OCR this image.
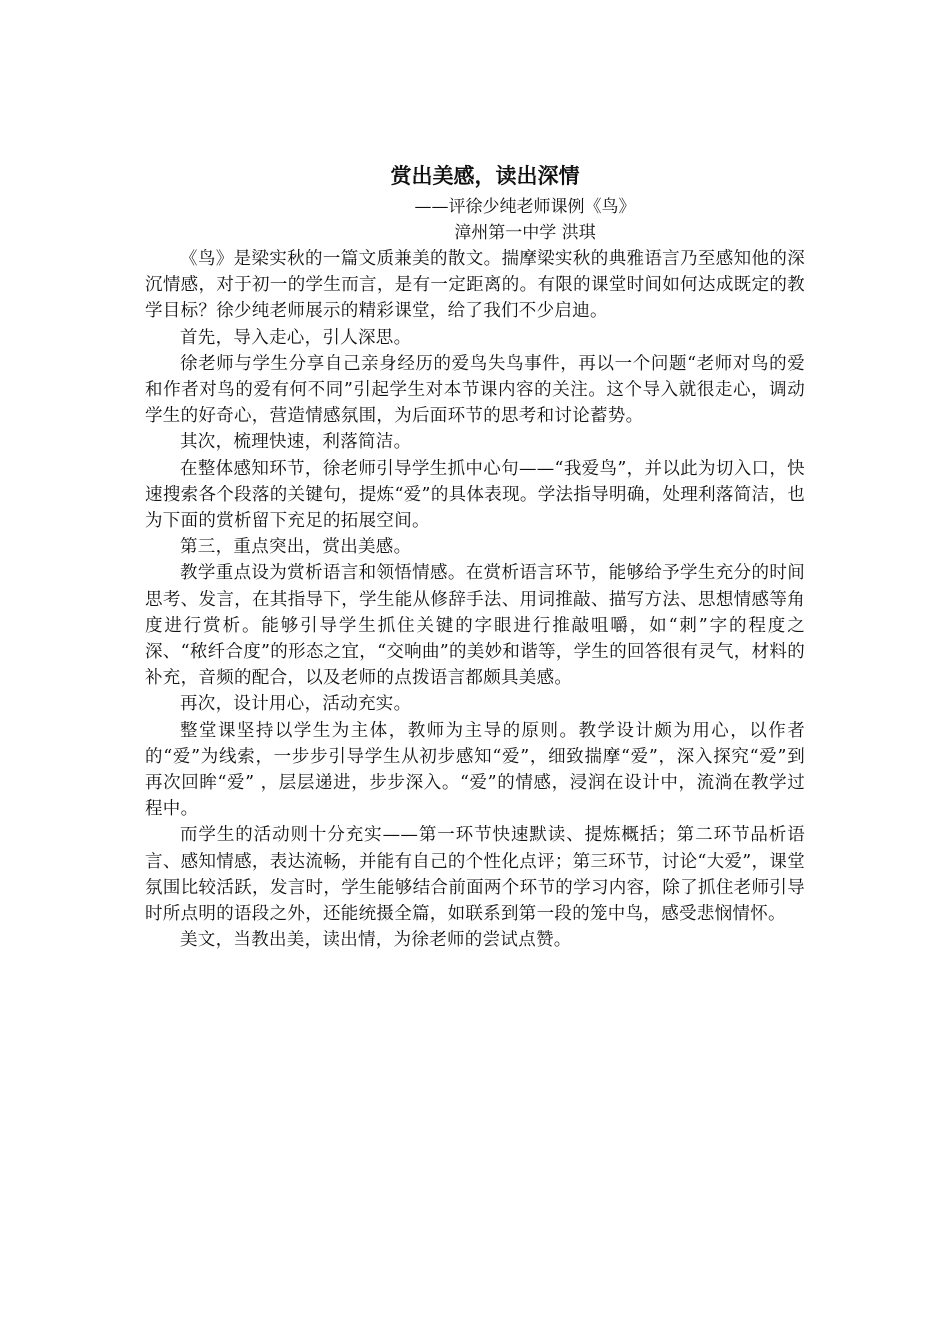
赏出美感，读出深情

——评徐少纯老师课例《鸟》

漳州第一中学 洪琪

《鸟》是梁实秋的一篇文质兼美的散文。揣摩梁实秋的典雅语言乃至感知他的深沉情感，对于初一的学生而言，是有一定距离的。有限的课堂时间如何达成既定的教学目标？徐少纯老师展示的精彩课堂，给了我们不少启迪。

首先，导入走心，引人深思。

徐老师与学生分享自己亲身经历的爱鸟失鸟事件，再以一个问题“老师对鸟的爱和作者对鸟的爱有何不同”引起学生对本节课内容的关注。这个导入就很走心，调动学生的好奇心，营造情感氛围，为后面环节的思考和讨论蓄势。

其次，梳理快速，利落简洁。

在整体感知环节，徐老师引导学生抓中心句——“我爱鸟”，并以此为切入口，快速搜索各个段落的关键句，提炼“爱”的具体表现。学法指导明确，处理利落简洁，也为下面的赏析留下充足的拓展空间。

第三，重点突出，赏出美感。

教学重点设为赏析语言和领悟情感。在赏析语言环节，能够给予学生充分的时间思考、发言，在其指导下，学生能从修辞手法、用词推敲、描写方法、思想情感等角度进行赏析。能够引导学生抓住关键的字眼进行推敲咀嚼，如“刺”字的程度之深、“秾纤合度”的形态之宜，“交响曲”的美妙和谐等，学生的回答很有灵气，材料的补充，音频的配合，以及老师的点拨语言都颇具美感。

再次，设计用心，活动充实。

整堂课坚持以学生为主体，教师为主导的原则。教学设计颇为用心，以作者的“爱”为线索，一步步引导学生从初步感知“爱”，细致揣摩“爱”，深入探究“爱”到再次回眸“爱” ，层层递进，步步深入。“爱”的情感，浸润在设计中，流淌在教学过程中。

而学生的活动则十分充实——第一环节快速默读、提炼概括；第二环节品析语言、感知情感，表达流畅，并能有自己的个性化点评；第三环节，讨论“大爱”，课堂氛围比较活跃，发言时，学生能够结合前面两个环节的学习内容，除了抓住老师引导时所点明的语段之外，还能统摄全篇，如联系到第一段的笼中鸟，感受悲悯情怀。

美文，当教出美，读出情，为徐老师的尝试点赞。
